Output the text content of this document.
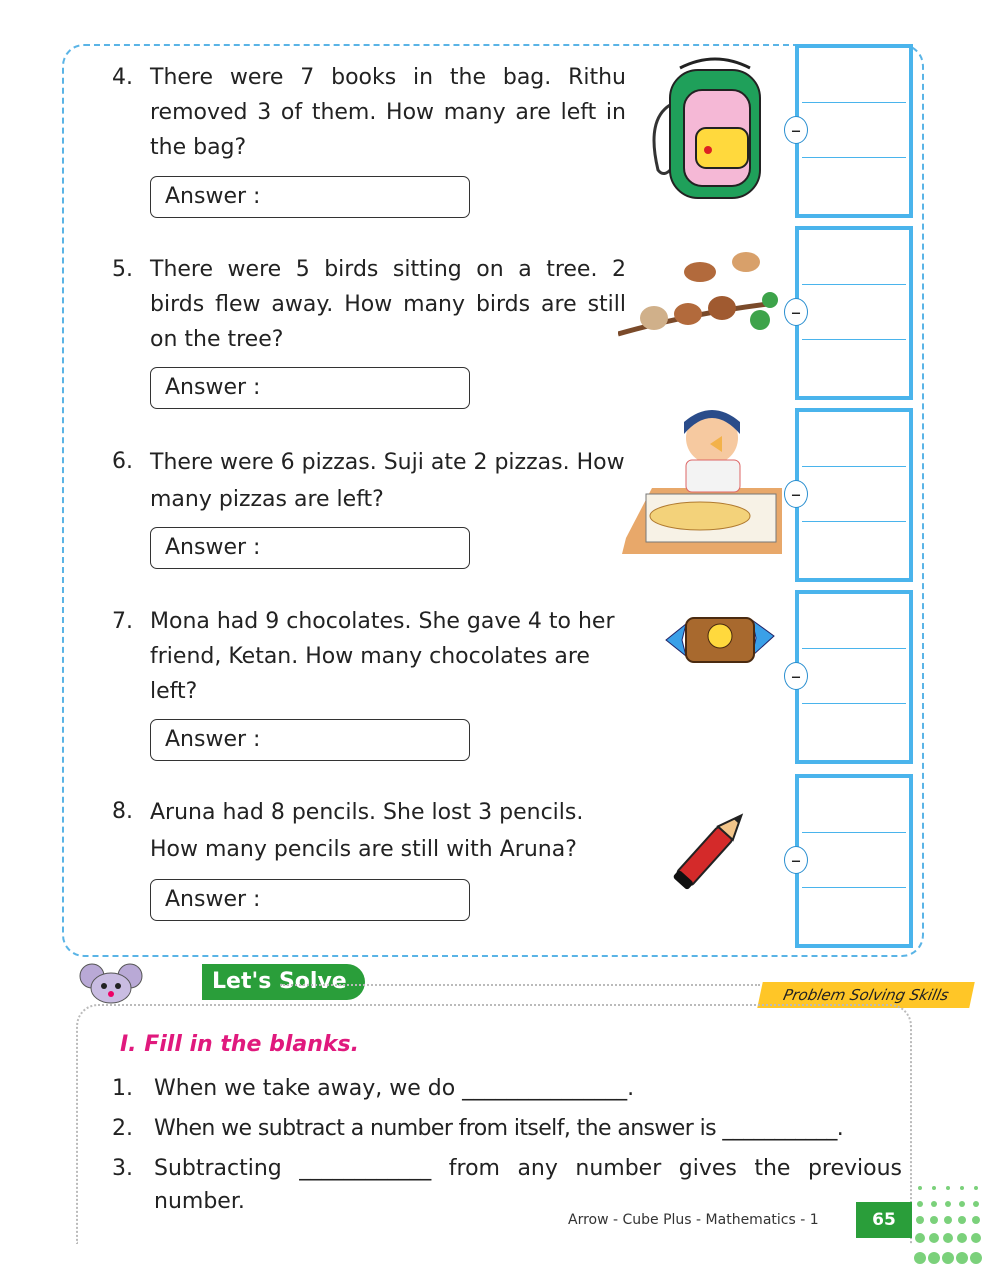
4. There were 7 books in the bag. Rithu removed 3 of them. How many are left in the bag?
Answer :
–
5. There were 5 birds sitting on a tree. 2 birds flew away. How many birds are still on the tree?
Answer :
–
6. There were 6 pizzas. Suji ate 2 pizzas. How many pizzas are left?
Answer :
–
7. Mona had 9 chocolates. She gave 4 to her friend, Ketan. How many chocolates are left?
Answer :
–
8. Aruna had 8 pencils. She lost 3 pencils. How many pencils are still with Aruna?
Answer :
–
Let's Solve
Problem Solving Skills
I. Fill in the blanks.
1. When we take away, we do _______________.
2. When we subtract a number from itself, the answer is ___________.
3. Subtracting ____________ from any number gives the previous number.
Arrow - Cube Plus - Mathematics - 1	65
